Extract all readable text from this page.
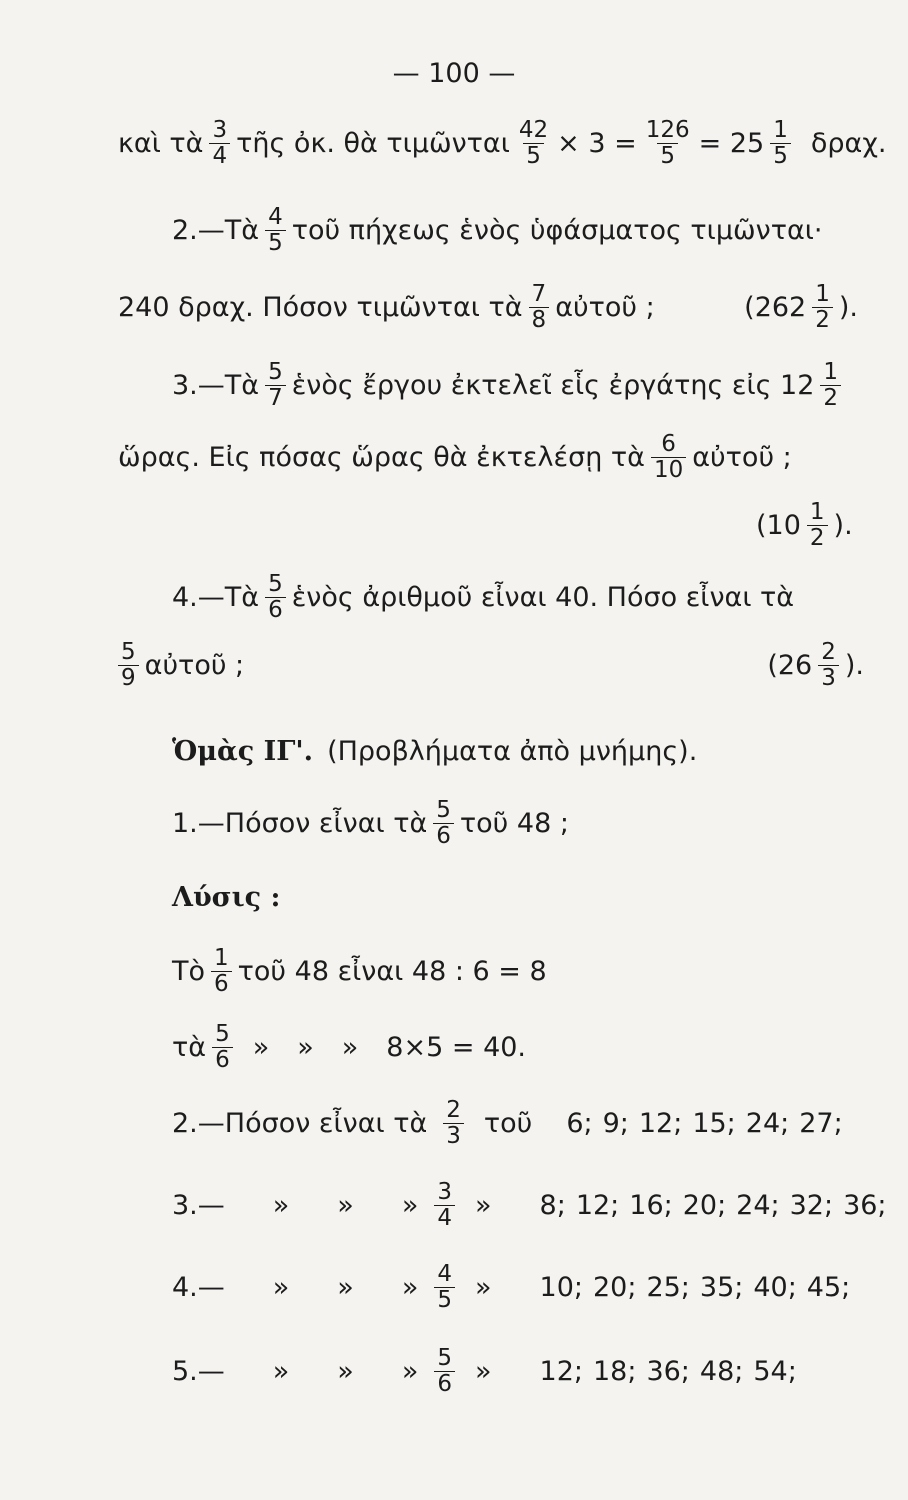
— 100 —
καὶ τὰ $\frac{3}{4}$ τῆς ὀκ. θὰ τιμῶνται $\frac{42}{5} \times 3 = \frac{126}{5} = 25 \frac{1}{5} \delta\rho\alpha\chi$.
2.—Τὰ $\frac{4}{5}$ τοῦ πήχεως ἑνὸς ὑφάσματος τιμῶνται·
240 δραχ. Πόσον τιμῶνται τὰ $\frac{7}{8}$ αὐτοῦ ;	($262 \frac{1}{2}$ ).
3.—Τὰ $\frac{5}{7}$ ἑνὸς ἔργου ἐκτελεῖ εἷς ἐργάτης εἰς $12 \frac{1}{2}$
ὥρας. Εἰς πόσας ὥρας θὰ ἐκτελέσῃ τὰ $\frac{6}{10}$ αὐτοῦ ;
($10 \frac{1}{2}$ ).
4.—Τὰ $\frac{5}{6}$ ἑνὸς ἀριθμοῦ εἶναι 40. Πόσο εἶναι τὰ
$\frac{5}{9}$ αὐτοῦ ;	($26 \frac{2}{3}$ ).
Ὁμὰς ΙΓ'. (Προβλήματα ἀπὸ μνήμης).
1.—Πόσον εἶναι τὰ $\frac{5}{6}$ τοῦ 48 ;
Λύσις :
Τὸ $\frac{1}{6}$ τοῦ 48 εἶναι 48 : 6 = 8
τὰ $\frac{5}{6}$ » » » 8×5 = 40.
2.—Πόσον εἶναι τὰ $\frac{2}{3}$ τοῦ 6; 9; 12; 15; 24; 27;
3.— » » » $\frac{3}{4}$ » 8; 12; 16; 20; 24; 32; 36;
4.— » » » $\frac{4}{5}$ » 10; 20; 25; 35; 40; 45;
5.— » » » $\frac{5}{6}$ » 12; 18; 36; 48; 54;
